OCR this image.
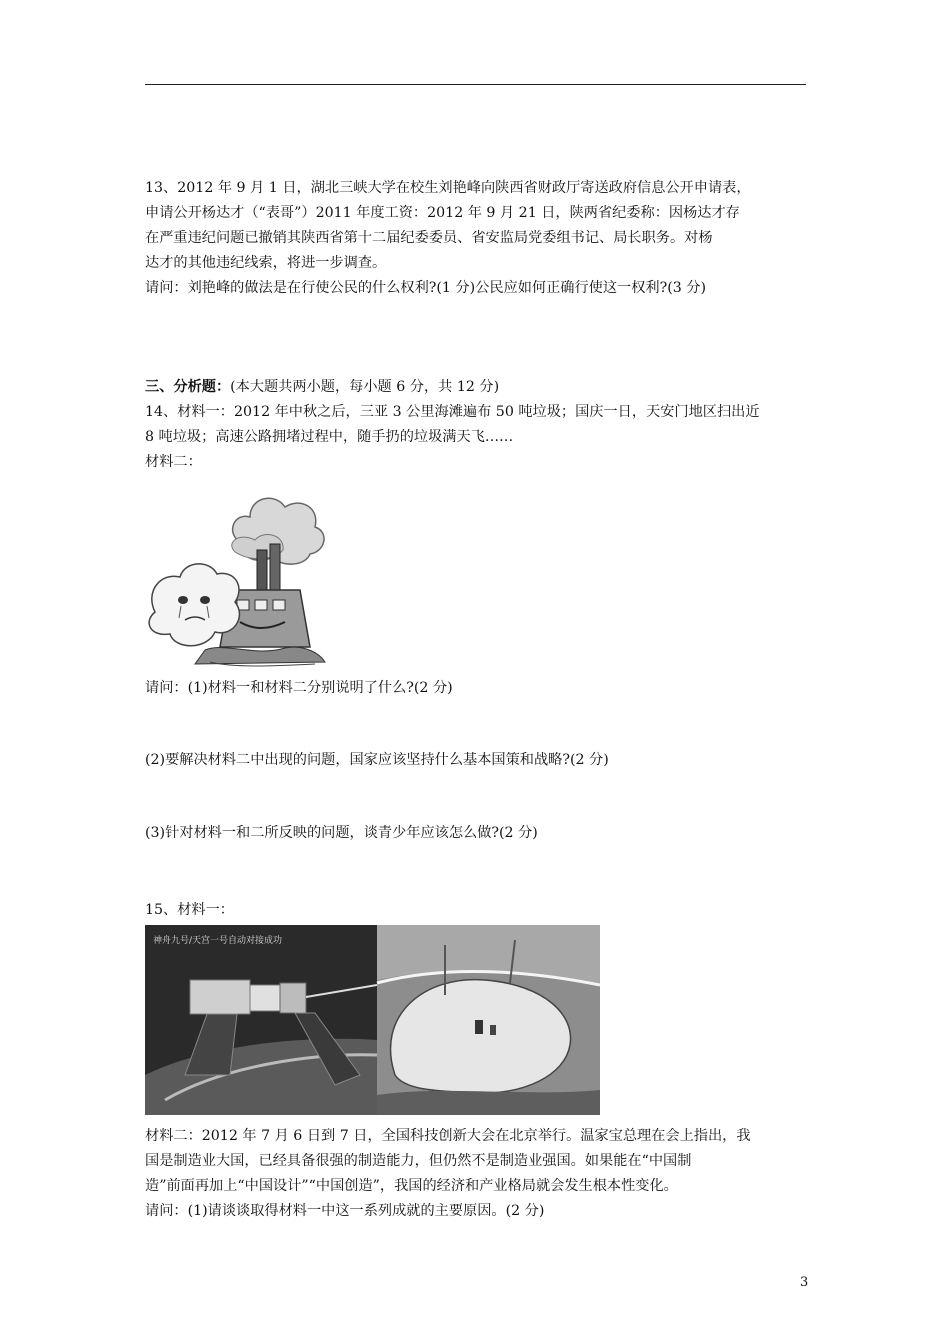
13、2012 年 9 月 1 日，湖北三峡大学在校生刘艳峰向陕西省财政厅寄送政府信息公开申请表，
申请公开杨达才（“表哥”）2011 年度工资：2012 年 9 月 21 日，陕两省纪委称：因杨达才存
在严重违纪问题已撤销其陕西省第十二届纪委委员、省安监局党委组书记、局长职务。对杨
达才的其他违纪线索，将进一步调查。
请问：刘艳峰的做法是在行使公民的什么权利?(1 分)公民应如何正确行使这一权利?(3 分)
三、分析题：(本大题共两小题，每小题 6 分，共 12 分)
14、材料一：2012 年中秋之后，三亚 3 公里海滩遍布 50 吨垃圾；国庆一日，天安门地区扫出近
8 吨垃圾；高速公路拥堵过程中，随手扔的垃圾满天飞……
材料二：
请问：(1)材料一和材料二分别说明了什么?(2 分)
(2)要解决材料二中出现的问题，国家应该坚持什么基本国策和战略?(2 分)
(3)针对材料一和二所反映的问题，谈青少年应该怎么做?(2 分)
15、材料一：
神舟九号/天宫一号自动对接成功
材料二：2012 年 7 月 6 日到 7 日，全国科技创新大会在北京举行。温家宝总理在会上指出，我
国是制造业大国，已经具备很强的制造能力，但仍然不是制造业强国。如果能在“中国制
造”前面再加上“中国设计”“中国创造”，我国的经济和产业格局就会发生根本性变化。
请问：(1)请谈谈取得材料一中这一系列成就的主要原因。(2 分)
3
